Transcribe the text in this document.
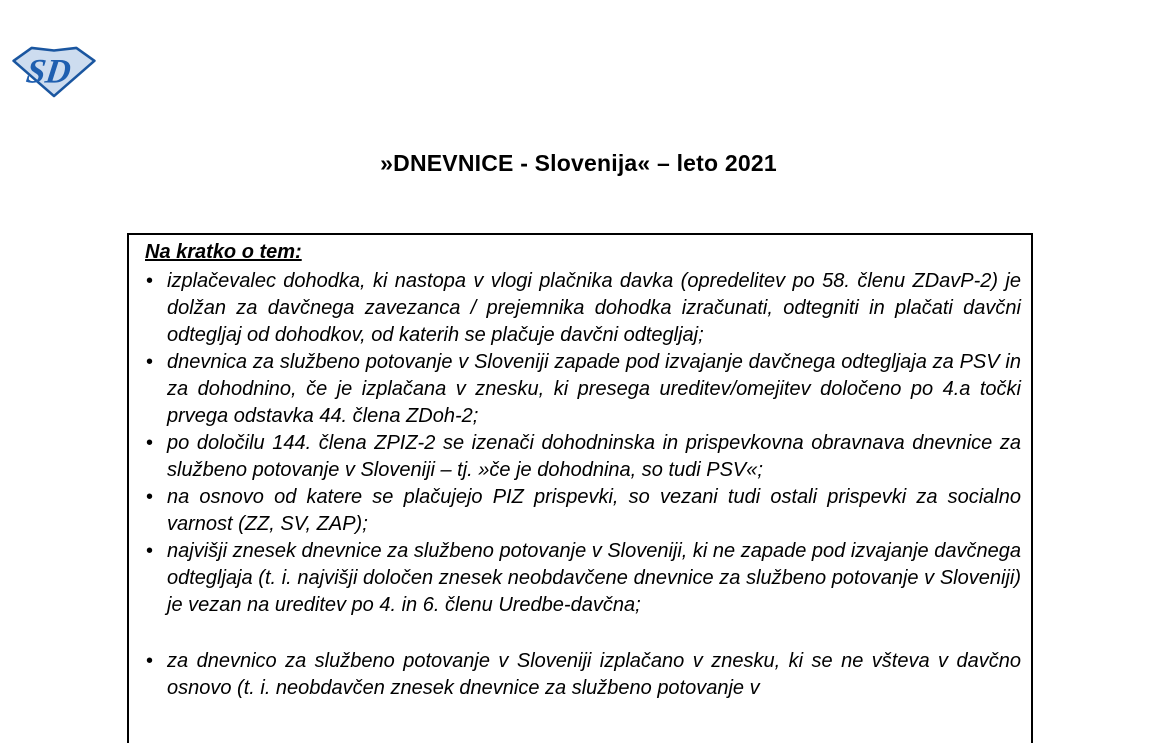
SD
»DNEVNICE - Slovenija« – leto 2021
Na kratko o tem:
• izplačevalec dohodka, ki nastopa v vlogi plačnika davka (opredelitev po 58. členu ZDavP-2) je dolžan za davčnega zavezanca / prejemnika dohodka izračunati, odtegniti in plačati davčni odtegljaj od dohodkov, od katerih se plačuje davčni odtegljaj;
• dnevnica za službeno potovanje v Sloveniji zapade pod izvajanje davčnega odtegljaja za PSV in za dohodnino, če je izplačana v znesku, ki presega ureditev/omejitev določeno po 4.a točki prvega odstavka 44. člena ZDoh-2;
• po določilu 144. člena ZPIZ-2 se izenači dohodninska in prispevkovna obravnava dnevnice za službeno potovanje v Sloveniji – tj. »če je dohodnina, so tudi PSV«;
• na osnovo od katere se plačujejo PIZ prispevki, so vezani tudi ostali prispevki za socialno varnost (ZZ, SV, ZAP);
• najvišji znesek dnevnice za službeno potovanje v Sloveniji, ki ne zapade pod izvajanje davčnega odtegljaja (t. i. najvišji določen znesek neobdavčene dnevnice za službeno potovanje v Sloveniji) je vezan na ureditev po 4. in 6. členu Uredbe-davčna;
• za dnevnico za službeno potovanje v Sloveniji izplačano v znesku, ki se ne všteva v davčno osnovo (t. i. neobdavčen znesek dnevnice za službeno potovanje v
